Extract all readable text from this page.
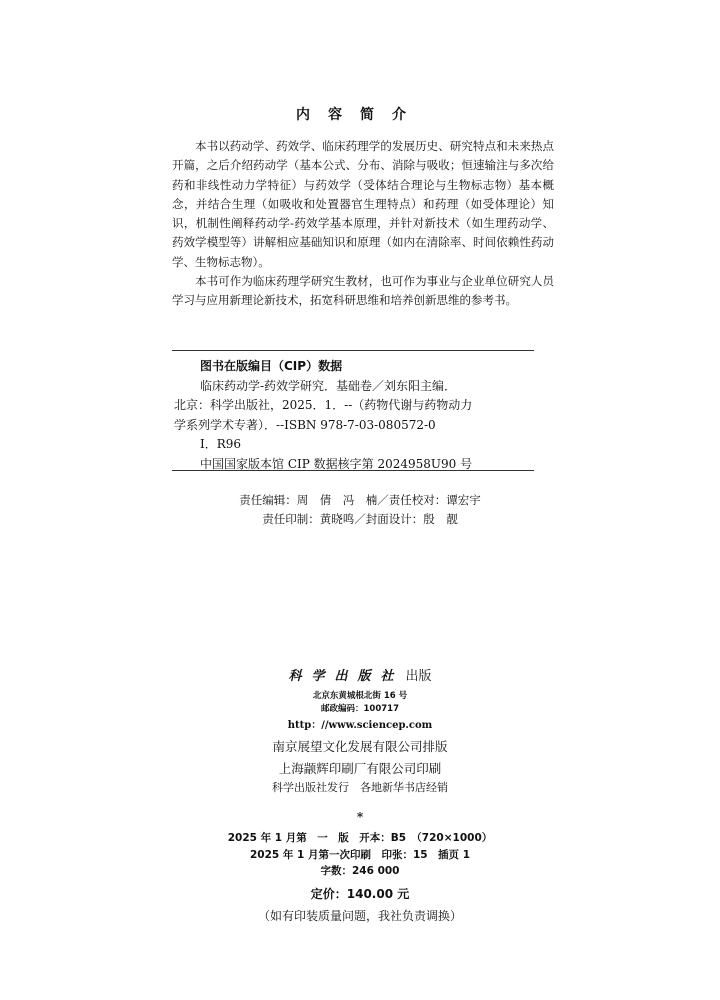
内容简介

本书以药动学、药效学、临床药理学的发展历史、研究特点和未来热点开篇，之后介绍药动学（基本公式、分布、消除与吸收；恒速输注与多次给药和非线性动力学特征）与药效学（受体结合理论与生物标志物）基本概念，并结合生理（如吸收和处置器官生理特点）和药理（如受体理论）知识，机制性阐释药动学-药效学基本原理，并针对新技术（如生理药动学、药效学模型等）讲解相应基础知识和原理（如内在清除率、时间依赖性药动学、生物标志物）。

本书可作为临床药理学研究生教材，也可作为事业与企业单位研究人员学习与应用新理论新技术，拓宽科研思维和培养创新思维的参考书。

图书在版编目（CIP）数据
临床药动学-药效学研究．基础卷／刘东阳主编．
北京：科学出版社，2025．1．--（药物代谢与药物动力
学系列学术专著）．--ISBN 978-7-03-080572-0
Ⅰ．R96
中国国家版本馆 CIP 数据核字第 2024958U90 号
责任编辑：周　倩　冯　楠／责任校对：谭宏宇
责任印制：黄晓鸣／封面设计：殷　靓
科学出版社 出版
北京东黄城根北街 16 号
邮政编码：100717
http：//www.sciencep.com
南京展望文化发展有限公司排版
上海颛辉印刷厂有限公司印刷
科学出版社发行　各地新华书店经销
*
2025 年 1 月第　一　版　开本：B5　（720×1000）
2025 年 1 月第一次印刷　印张：15　插页 1
字数：246 000
定价：140.00 元
（如有印装质量问题，我社负责调换）
